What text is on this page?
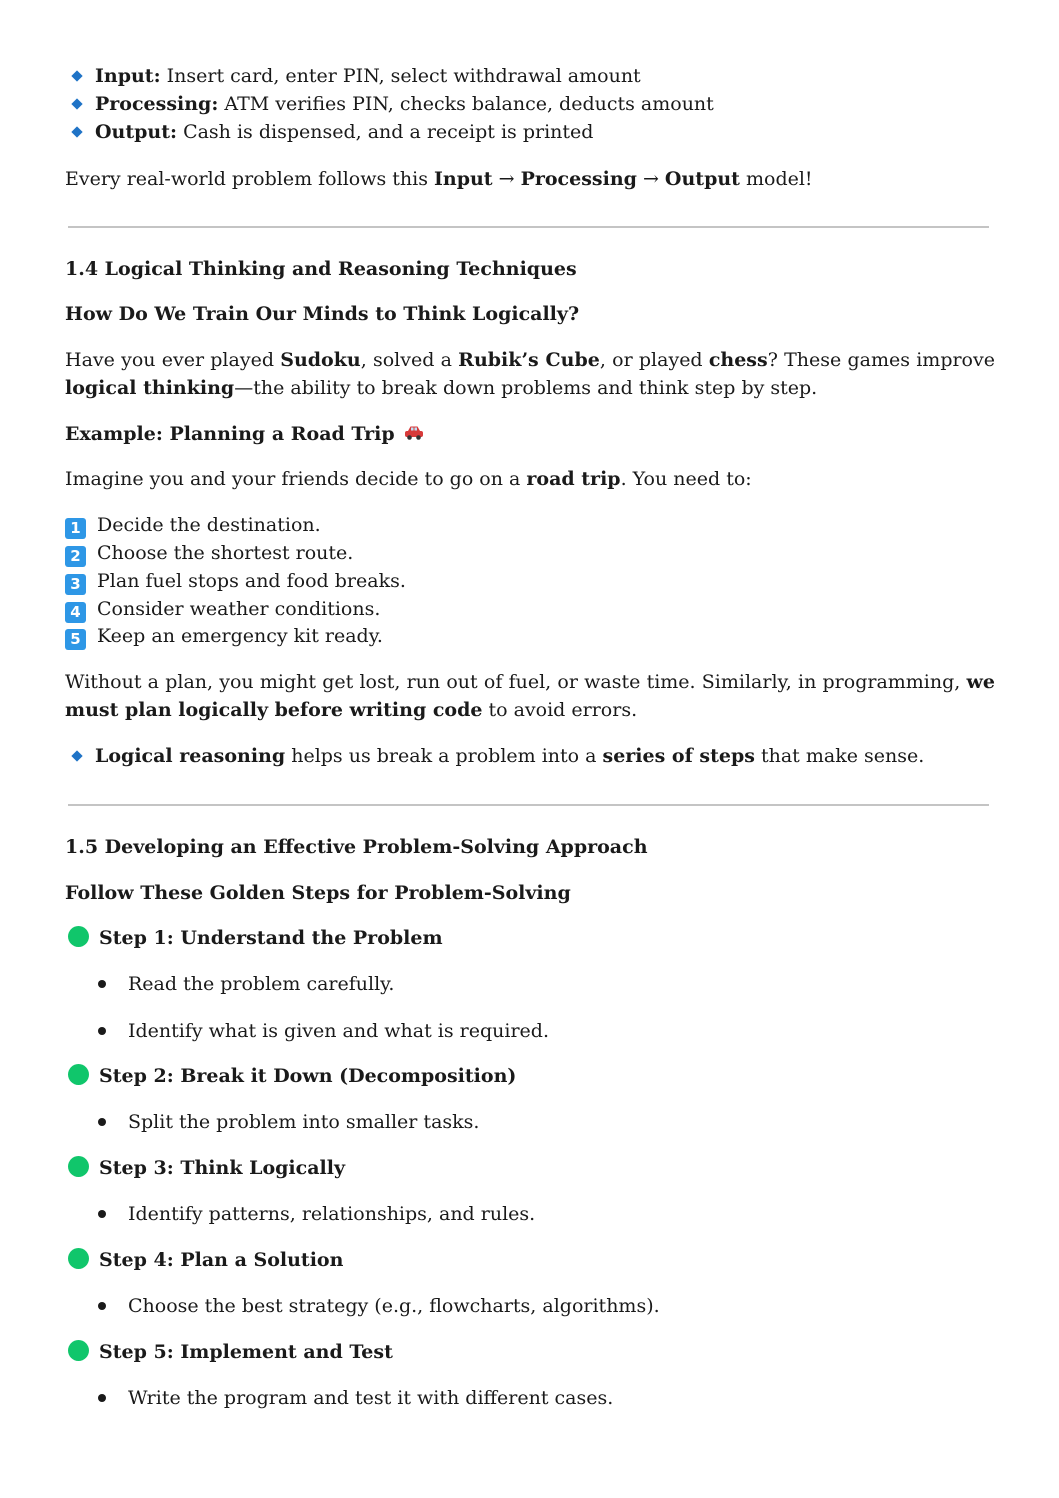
Input: Insert card, enter PIN, select withdrawal amount
Processing: ATM verifies PIN, checks balance, deducts amount
Output: Cash is dispensed, and a receipt is printed
Every real-world problem follows this Input → Processing → Output model!
1.4 Logical Thinking and Reasoning Techniques
How Do We Train Our Minds to Think Logically?
Have you ever played Sudoku, solved a Rubik’s Cube, or played chess? These games improve logical thinking—the ability to break down problems and think step by step.
Example: Planning a Road Trip
Imagine you and your friends decide to go on a road trip. You need to:
1 Decide the destination.
2 Choose the shortest route.
3 Plan fuel stops and food breaks.
4 Consider weather conditions.
5 Keep an emergency kit ready.
Without a plan, you might get lost, run out of fuel, or waste time. Similarly, in programming, we must plan logically before writing code to avoid errors.
Logical reasoning helps us break a problem into a series of steps that make sense.
1.5 Developing an Effective Problem-Solving Approach
Follow These Golden Steps for Problem-Solving
Step 1: Understand the Problem
Read the problem carefully.
Identify what is given and what is required.
Step 2: Break it Down (Decomposition)
Split the problem into smaller tasks.
Step 3: Think Logically
Identify patterns, relationships, and rules.
Step 4: Plan a Solution
Choose the best strategy (e.g., flowcharts, algorithms).
Step 5: Implement and Test
Write the program and test it with different cases.
